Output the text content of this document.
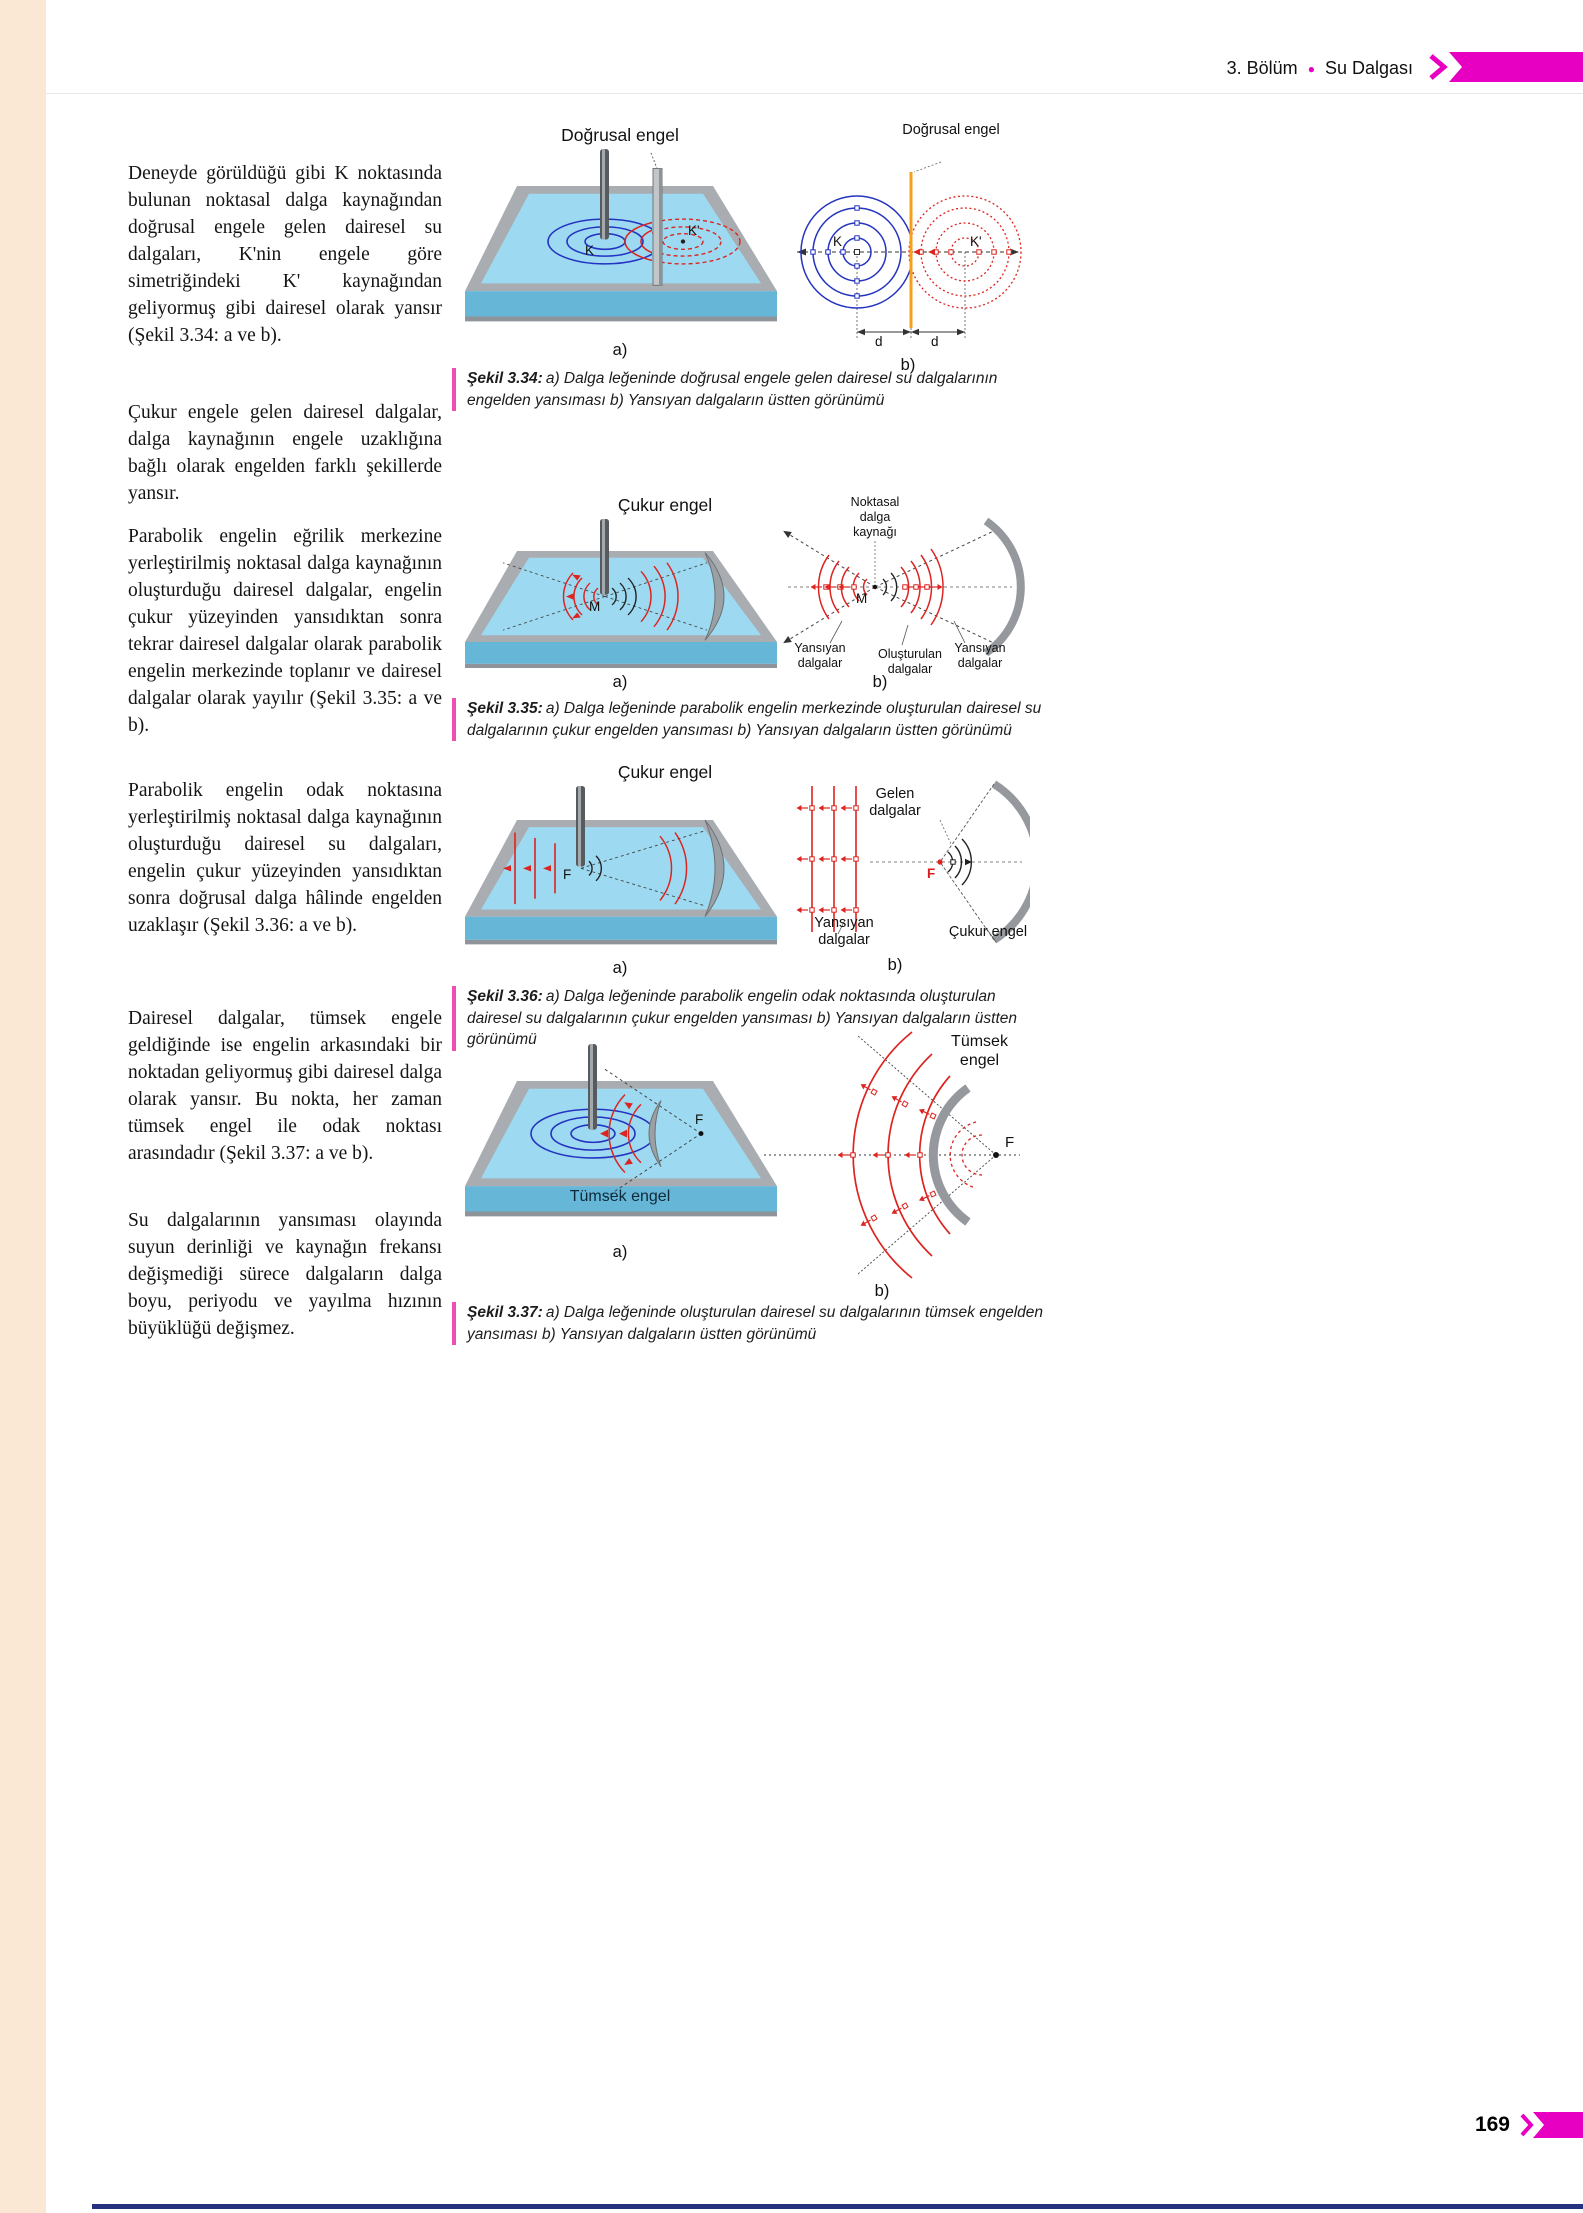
3. Bölüm ● Su Dalgası

Deneyde görüldüğü gibi K noktasında bulunan noktasal dalga kaynağından doğrusal engele gelen dairesel su dalgaları, K'nin engele göre simetriğindeki K' kaynağından geliyormuş gibi dairesel olarak yansır (Şekil 3.34: a ve b).

Çukur engele gelen dairesel dalgalar, dalga kaynağının engele uzaklığına bağlı olarak engelden farklı şekillerde yansır.

Parabolik engelin eğrilik merkezine yerleştirilmiş noktasal dalga kaynağının oluşturduğu dairesel dalgalar, engelin çukur yüzeyinden yansıdıktan sonra tekrar dairesel dalgalar olarak parabolik engelin merkezinde toplanır ve dairesel dalgalar olarak yayılır (Şekil 3.35: a ve b).

Parabolik engelin odak noktasına yerleştirilmiş noktasal dalga kaynağının oluşturduğu dairesel su dalgaları, engelin çukur yüzeyinden yansıdıktan sonra doğrusal dalga hâlinde engelden uzaklaşır (Şekil 3.36: a ve b).

Dairesel dalgalar, tümsek engele geldiğinde ise engelin arkasındaki bir noktadan geliyormuş gibi dairesel dalga olarak yansır. Bu nokta, her zaman tümsek engel ile odak noktası arasındadır (Şekil 3.37: a ve b).

Su dalgalarının yansıması olayında suyun derinliği ve kaynağın frekansı değişmediği sürece dalgaların dalga boyu, periyodu ve yayılma hızının büyüklüğü değişmez.

Doğrusal engel
K
K'
a)
Doğrusal engel
K	K'
d	d
b)
Şekil 3.34: a) Dalga leğeninde doğrusal engele gelen dairesel su dalgalarının engelden yansıması b) Yansıyan dalgaların üstten görünümü
Çukur engel
M
a)
Noktasal dalga kaynağı
M
Yansıyan dalgalar
Oluşturulan dalgalar
Yansıyan dalgalar
b)
Şekil 3.35: a) Dalga leğeninde parabolik engelin merkezinde oluşturulan dairesel su dalgalarının çukur engelden yansıması b) Yansıyan dalgaların üstten görünümü
Çukur engel
F
a)
Gelen dalgalar
F
Yansıyan dalgalar	Çukur engel
b)
Şekil 3.36: a) Dalga leğeninde parabolik engelin odak noktasında oluşturulan dairesel su dalgalarının çukur engelden yansıması b) Yansıyan dalgaların üstten görünümü
F
Tümsek engel
a)
Tümsek engel
F
b)
Şekil 3.37: a) Dalga leğeninde oluşturulan dairesel su dalgalarının tümsek engelden yansıması b) Yansıyan dalgaların üstten görünümü
169
